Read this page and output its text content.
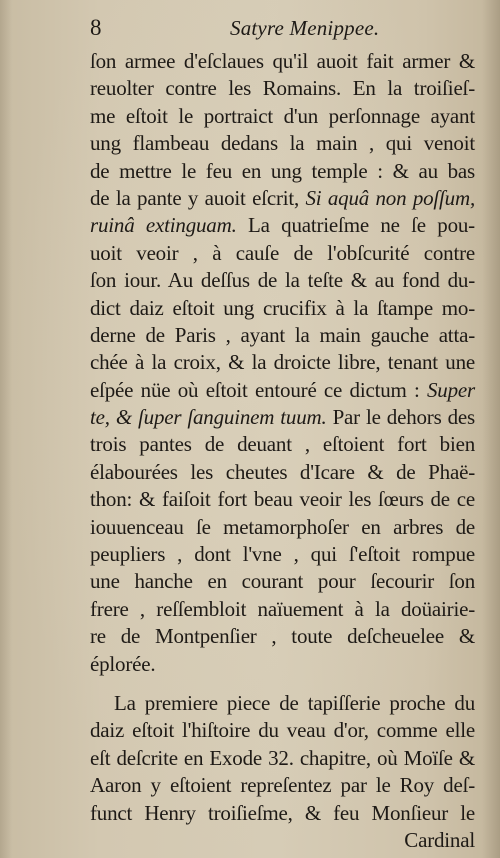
8	Satyre Menippee.
ſon armee d'eſclaues qu'il auoit fait armer &
reuolter contre les Romains. En la troiſieſ-
me eſtoit le portraict d'un perſonnage ayant
ung flambeau dedans la main , qui venoit
de mettre le feu en ung temple : & au bas
de la pante y auoit eſcrit, Si aquâ non poſſum,
ruinâ extinguam. La quatrieſme ne ſe pou-
uoit veoir , à cauſe de l'obſcurité contre
ſon iour. Au deſſus de la teſte & au fond du-
dict daiz eſtoit ung crucifix à la ſtampe mo-
derne de Paris , ayant la main gauche atta-
chée à la croix, & la droicte libre, tenant une
eſpée nüe où eſtoit entouré ce dictum : Super
te, & ſuper ſanguinem tuum. Par le dehors des
trois pantes de deuant , eſtoient fort bien
élabourées les cheutes d'Icare & de Phaë-
thon: & faiſoit fort beau veoir les ſœurs de ce
iouuenceau ſe metamorphoſer en arbres de
peupliers , dont l'vne , qui ſ'eſtoit rompue
une hanche en courant pour ſecourir ſon
frere , reſſembloit naïuement à la doüairie-
re de Montpenſier , toute deſcheuelee &
éplorée.
La premiere piece de tapiſſerie proche du
daiz eſtoit l'hiſtoire du veau d'or, comme elle
eſt deſcrite en Exode 32. chapitre, où Moïſe &
Aaron y eſtoient repreſentez par le Roy deſ-
funct Henry troiſieſme, & feu Monſieur le
Cardinal
